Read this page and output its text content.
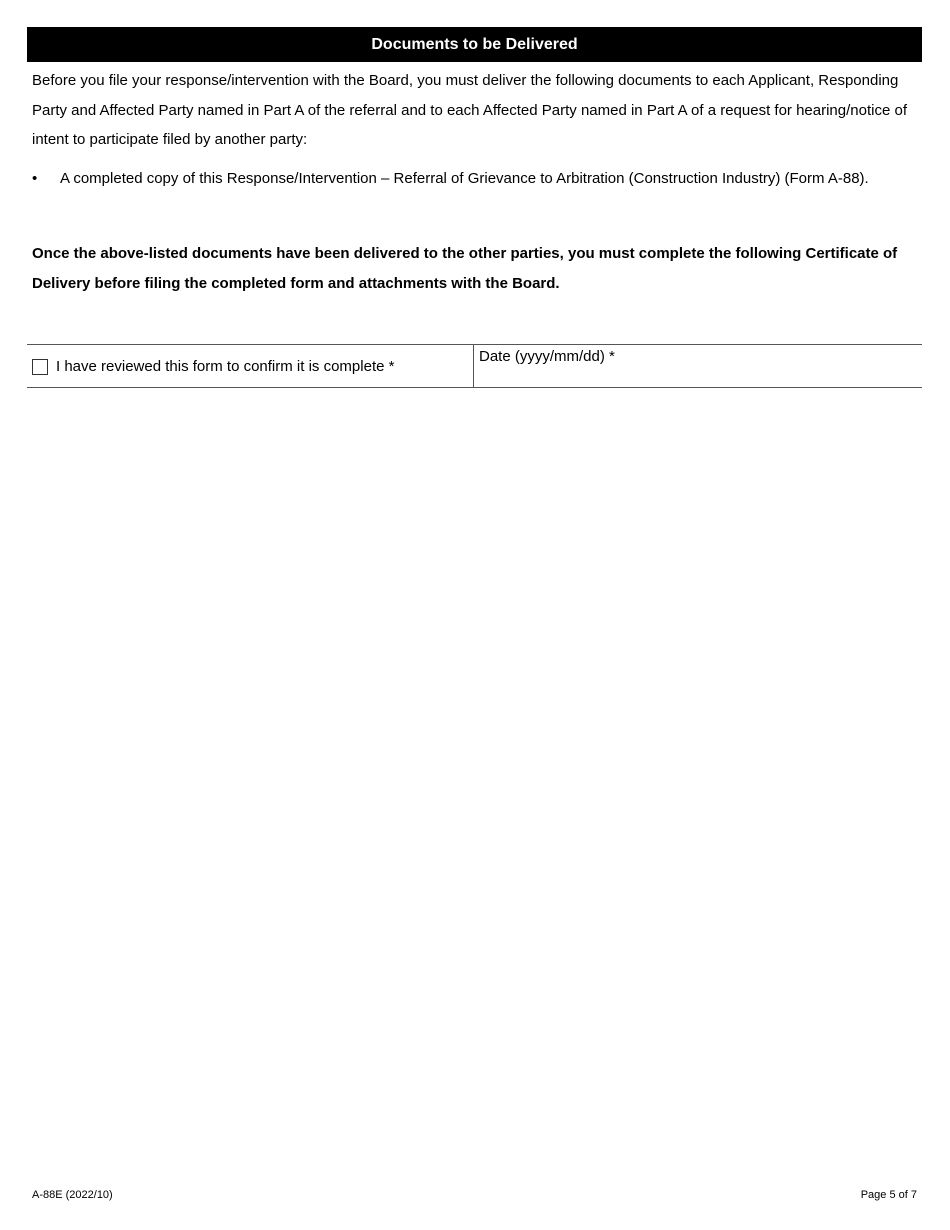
Documents to be Delivered

Before you file your response/intervention with the Board, you must deliver the following documents to each Applicant, Responding Party and Affected Party named in Part A of the referral and to each Affected Party named in Part A of a request for hearing/notice of intent to participate filed by another party:

•	A completed copy of this Response/Intervention – Referral of Grievance to Arbitration (Construction Industry) (Form A-88).

Once the above-listed documents have been delivered to the other parties, you must complete the following Certificate of Delivery before filing the completed form and attachments with the Board.

I have reviewed this form to confirm it is complete *
Date (yyyy/mm/dd) *
A-88E (2022/10)	Page 5 of 7
